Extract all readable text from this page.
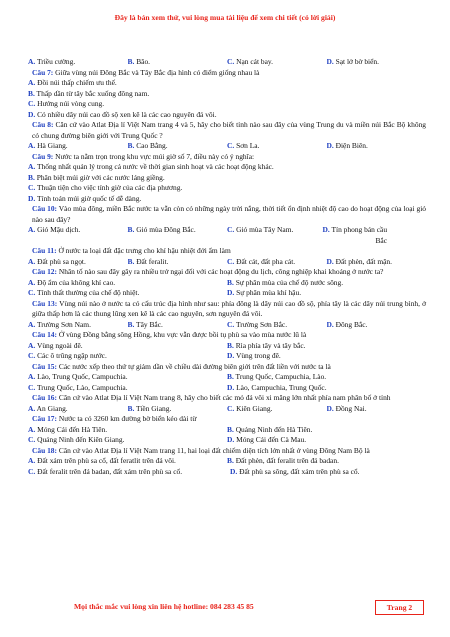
Đây là bản xem thử, vui lòng mua tài liệu để xem chi tiết (có lời giải)
A. Triều cường.	B. Bão.	C. Nạn cát bay.	D. Sạt lở bờ biển.
Câu 7: Giữa vùng núi Đông Bắc và Tây Bắc địa hình có điểm giống nhau là
A. Đồi núi thấp chiếm ưu thế.
B. Thấp dần từ tây bắc xuống đông nam.
C. Hướng núi vòng cung.
D. Có nhiều dãy núi cao đồ sộ xen kẽ là các cao nguyên đá vôi.
Câu 8: Căn cứ vào Atlat Địa lí Việt Nam trang 4 và 5, hãy cho biết tỉnh nào sau đây của vùng Trung du và miền núi Bắc Bộ không có chung đường biên giới với Trung Quốc ?
A. Hà Giang.	B. Cao Bằng.	C. Sơn La.	D. Điện Biên.
Câu 9: Nước ta nằm trọn trong khu vực múi giờ số 7, điều này có ý nghĩa:
A. Thống nhất quản lý trong cả nước về thời gian sinh hoạt và các hoạt động khác.
B. Phân biệt múi giờ với các nước láng giềng.
C. Thuận tiện cho việc tính giờ của các địa phương.
D. Tính toán múi giờ quốc tế dễ dàng.
Câu 10: Vào mùa đông, miền Bắc nước ta vẫn còn có những ngày trời nắng, thời tiết ổn định nhiệt độ cao do hoạt động của loại gió nào sau đây?
A. Gió Mậu dịch.	B. Gió mùa Đông Bắc.	C. Gió mùa Tây Nam.	D. Tín phong bán cầu
Bắc
Câu 11: Ở nước ta loại đất đặc trưng cho khí hậu nhiệt đới ẩm làm
A. Đất phù sa ngọt.	B. Đất feralit.	C. Đất cát, đất pha cát.	D. Đất phèn, đất mặn.
Câu 12: Nhân tố nào sau đây gây ra nhiều trở ngại đối với các hoạt động du lịch, công nghiệp khai khoáng ở nước ta?
A. Độ ẩm của không khí cao.	B. Sự phân mùa của chế độ nước sông.
C. Tính thất thường của chế độ nhiệt.	D. Sự phân mùa khí hậu.
Câu 13: Vùng núi nào ở nước ta có cấu trúc địa hình như sau: phía đông là dãy núi cao đồ sộ, phía tây là các dãy núi trung bình, ở giữa thấp hơn là các thung lũng xen kẽ là các cao nguyên, sơn nguyên đá vôi.
A. Trường Sơn Nam.	B. Tây Bắc.	C. Trường Sơn Bắc.	D. Đông Bắc.
Câu 14: Ở vùng Đồng bằng sông Hồng, khu vực vẫn được bồi tụ phù sa vào mùa nước lũ là
A. Vùng ngoài đê.	B. Rìa phía tây và tây bắc.
C. Các ô trũng ngập nước.	D. Vùng trong đê.
Câu 15: Các nước xếp theo thứ tự giảm dần về chiều dài đường biên giới trên đất liền với nước ta là
A. Lào, Trung Quốc, Campuchia.	B. Trung Quốc, Campuchia, Lào.
C. Trung Quốc, Lào, Campuchia.	D. Lào, Campuchia, Trung Quốc.
Câu 16: Căn cứ vào Atlat Địa lí Việt Nam trang 8, hãy cho biết các mỏ đá vôi xi măng lớn nhất phía nam phân bố ở tỉnh
A. An Giang.	B. Tiền Giang.	C. Kiên Giang.	D. Đồng Nai.
Câu 17: Nước ta có 3260 km đường bờ biển kéo dài từ
A. Móng Cái đến Hà Tiên.	B. Quảng Ninh đến Hà Tiên.
C. Quảng Ninh đến Kiên Giang.	D. Móng Cái đến Cà Mau.
Câu 18: Căn cứ vào Atlat Địa lí Việt Nam trang 11, hai loại đất chiếm diện tích lớn nhất ở vùng Đông Nam Bộ là
A. Đất xám trên phù sa cổ, đất feratlit trên đá vôi.	B. Đất phèn, đất feralit trên đá badan.
C. Đất feralit trên đá badan, đất xám trên phù sa cổ.	D. Đất phù sa sông, đất xám trên phù sa cổ.
Mọi thắc mắc vui lòng xin liên hệ hotline: 084 283 45 85	Trang 2
